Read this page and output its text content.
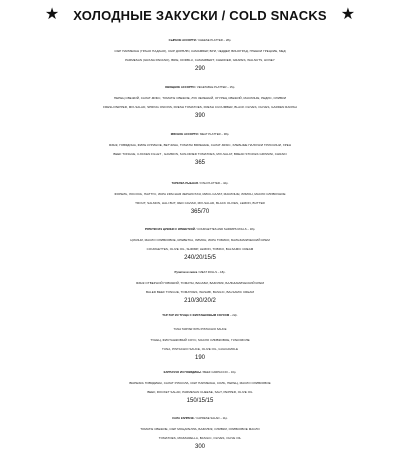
★ ХОЛОДНЫЕ ЗАКУСКИ / COLD SNACKS ★
СЫРНОЕ АССОРТИ / CHEESE PLATTER – 28р.
СЫР ПАРМЕЗАН (ГРАНО ПАДАНО), СЫР ДОРБЛЮ, КАМАМБЕР, БРИ, ЧЕДДЕР, ВИНОГРАД, ГРЕШКИ ГРЕЦКИЕ, МЕД
PARMESAN (GRANA PADANO), BRIE, DORBLU, CAMAMBERT, CHEDDER, GRAPES, WALNUTS, HONEY
290
ОВОЩНОЕ АССОРТИ / VEGETABLE PLATTER – 15р.
ПЕРЕЦ СВЕЖИЙ, САЛАТ-МИКС, ТОМАТЫ СВЕЖИЕ, ЛУК ЗЕЛЕНЫЙ, ОГУРЕЦ СВЕЖИЙ, МАСЛИНЫ, РЕДИС, ОЛИВКИ
FRESH PEPPER, MIX-SALAD, SPRING ONIONS, FRESH TOMATOES, FRESH CUCUMBER, BLACK OLIVES, OLIVES, GARDEN RADISH
390
МЯСНОЕ АССОРТИ / MEAT PLATTER – 38р.
ЯЗЫК, ГОВЯДИНА, ФИЛЕ КУРИНОЕ, ВЕТЧИНА, ТОМАТЫ ВЯЛЕНЫЕ, САЛАТ-МИКС, ХЛЕБНЫЕ ПАЛОЧКИ ГРИССИНИ, ХРЕН
BEEF TONGUE, CJICKEN FILLET , GAMMON, SUN-DRIED TOMATOES, MIX-SALAT, BREAD STICKES GRISSINI, CHRAIN
365
ТАРЕЛКА РЫБНАЯ / FISH PLATTER – 42р.
ФОРЕЛЬ, ЛОСОСЬ, ПАЛТУС, ИКРА КРАСНАЯ ЗЕРНИСТАЯ, МИКС-САЛАТ, МАСЛИНЫ, ЛИМОН, МАСЛО СЛИВОЧНОЕ
TROUT, SALMON, HALI BUT, RED CAVIAR, MIX-SALAD, BLACK OLIVES, LEMON, BUTTER
365/70
РУЛЕТКИ ИЗ ЦУКИНИ С КРЕВЕТКОЙ / COURGETTES AND SHRIMPS ROLLS – 18р.
ЦУКИНИ, МАСЛО ОЛИВКОВОЕ, КРЕВЕТКА, ЛИМОН, ИКРА ТОБИКО, БАЛЬЗАМИЧЕСКИЙ КРЕМ
COURGETTES, OLIVE OIL, SHRIMP, LEMON, TOBIKO, BALSAMIC CREAM
240/20/15/5
Рулетки из мяса / MEAT ROLLS – 18р.
ЯЗЫК ОТВЕРНОЙ ГОВЯЖИЙ, ТОМАТЫ, ВАСАБИ, БАЗИЛИК, БАЛЬЗАМИЧЕСКИЙ КРЕМ
BALED BEEF TONGUE, TOMATOES, WASABI, BASILIC, BALSAMIC CREAM
210/30/20/2
ТАР-ТАР ИЗ ТУНЦА С ФИСТАШКОВЫМ СОУСОМ – 22р.
TUNA TARTAR WITH PISTACHIO SAUCE
ТУНЕЦ, ФИСТАШКОВЫЙ СОУС, МАСЛО ОЛИВКОВОЕ, ГУАКОМОЛЕ
TUNA, PISTACHIO SAUCE, OLIVE OIL, GUACAMOLE
190
КАРПАЧЧО ИЗ ГОВЯДИНЫ / BEEF CARPACCIO – 16р.
ВЫРЕЗКА ГОВЯДИНЫ, САЛАТ РУККОЛА, СЫР ПАРМЕЗАН, СОЛЬ, ПЕРЕЦ, МАСЛО ОЛИВКОВОЕ
BEEF, ROCKET SALAD, PARMESAN CHEESE, SALT, PEPPER, OLIVE OIL
150/15/15
САЛА КАПРЕЗЕ / CAPRESE SALAD – 11р.
ТОМАТЫ СВЕЖИЕ, СЫР МОЦАРЕЛЛА, БАЗИЛИК, ОЛИВКИ, ОЛИВКОВОЕ МАСЛО
TOMATOES, MOZZARELLA, BASILIC, OLIVES, OLIVE OIL
300
